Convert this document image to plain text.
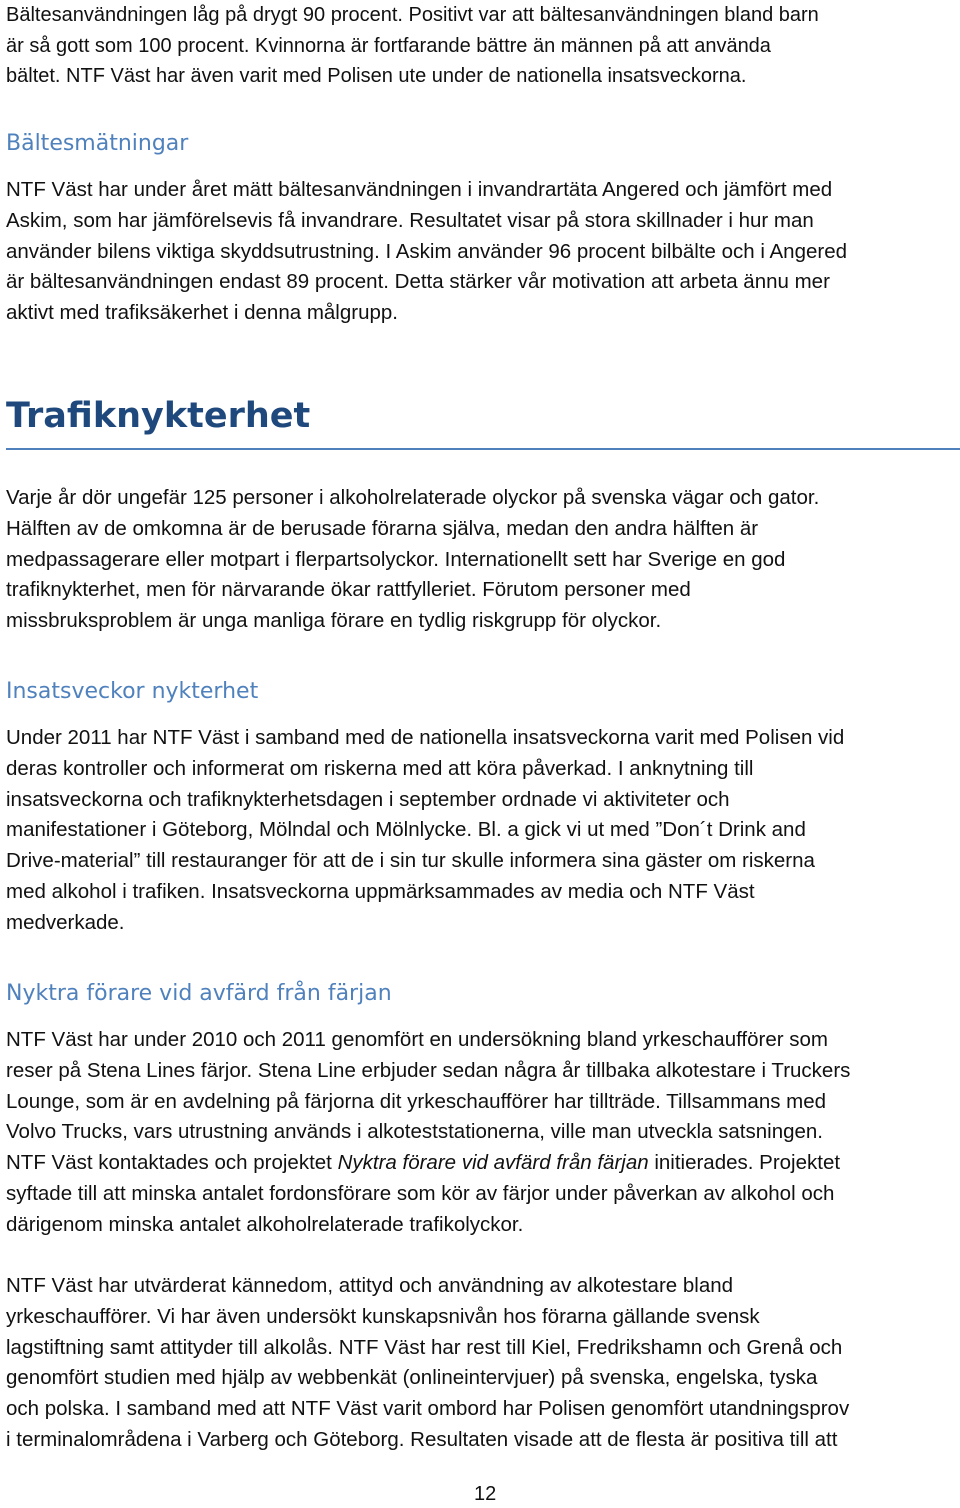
Bältesanvändningen låg på drygt 90 procent. Positivt var att bältesanvändningen bland barn

är så gott som 100 procent. Kvinnorna är fortfarande bättre än männen på att använda

bältet. NTF Väst har även varit med Polisen ute under de nationella insatsveckorna.

Bältesmätningar

NTF Väst har under året mätt bältesanvändningen i invandrartäta Angered och jämfört med

Askim, som har jämförelsevis få invandrare. Resultatet visar på stora skillnader i hur man

använder bilens viktiga skyddsutrustning. I Askim använder 96 procent bilbälte och i Angered

är bältesanvändningen endast 89 procent. Detta stärker vår motivation att arbeta ännu mer

aktivt med trafiksäkerhet i denna målgrupp.

Trafiknykterhet

Varje år dör ungefär 125 personer i alkoholrelaterade olyckor på svenska vägar och gator.

Hälften av de omkomna är de berusade förarna själva, medan den andra hälften är

medpassagerare eller motpart i flerpartsolyckor. Internationellt sett har Sverige en god

trafiknykterhet, men för närvarande ökar rattfylleriet. Förutom personer med

missbruksproblem är unga manliga förare en tydlig riskgrupp för olyckor.

Insatsveckor nykterhet

Under 2011 har NTF Väst i samband med de nationella insatsveckorna varit med Polisen vid

deras kontroller och informerat om riskerna med att köra påverkad. I anknytning till

insatsveckorna och trafiknykterhetsdagen i september ordnade vi aktiviteter och

manifestationer i Göteborg, Mölndal och Mölnlycke. Bl. a gick vi ut med ”Don´t Drink and

Drive-material” till restauranger för att de i sin tur skulle informera sina gäster om riskerna

med alkohol i trafiken. Insatsveckorna uppmärksammades av media och NTF Väst

medverkade.

Nyktra förare vid avfärd från färjan

NTF Väst har under 2010 och 2011 genomfört en undersökning bland yrkeschaufförer som

reser på Stena Lines färjor. Stena Line erbjuder sedan några år tillbaka alkotestare i Truckers

Lounge, som är en avdelning på färjorna dit yrkeschaufförer har tillträde. Tillsammans med

Volvo Trucks, vars utrustning används i alkoteststationerna, ville man utveckla satsningen.

NTF Väst kontaktades och projektet Nyktra förare vid avfärd från färjan initierades. Projektet

syftade till att minska antalet fordonsförare som kör av färjor under påverkan av alkohol och

därigenom minska antalet alkoholrelaterade trafikolyckor.

NTF Väst har utvärderat kännedom, attityd och användning av alkotestare bland

yrkeschaufförer. Vi har även undersökt kunskapsnivån hos förarna gällande svensk

lagstiftning samt attityder till alkolås. NTF Väst har rest till Kiel, Fredrikshamn och Grenå och

genomfört studien med hjälp av webbenkät (onlineintervjuer) på svenska, engelska, tyska

och polska. I samband med att NTF Väst varit ombord har Polisen genomfört utandningsprov

i terminalområdena i Varberg och Göteborg. Resultaten visade att de flesta är positiva till att

12
